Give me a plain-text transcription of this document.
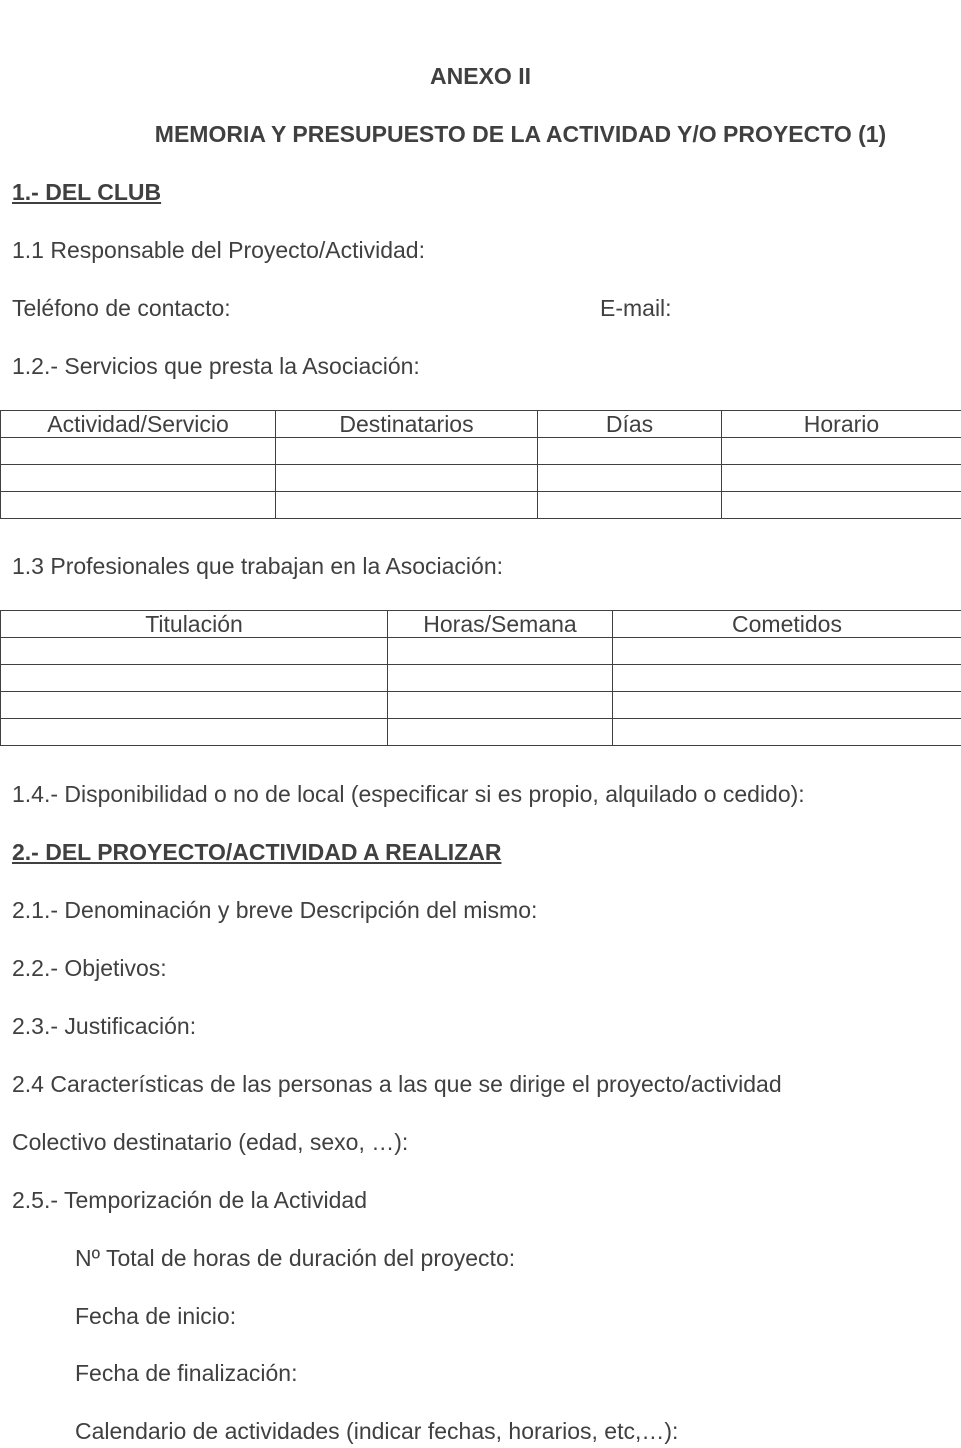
ANEXO II

MEMORIA Y PRESUPUESTO DE LA ACTIVIDAD Y/O PROYECTO (1)

1.- DEL CLUB

1.1 Responsable del Proyecto/Actividad:

Teléfono de contacto:	E-mail:

1.2.- Servicios que presta la Asociación:

Actividad/Servicio	Destinatarios	Días	Horario

1.3 Profesionales que trabajan en la Asociación:

Titulación	Horas/Semana	Cometidos

1.4.- Disponibilidad o no de local (especificar si es propio, alquilado o cedido):

2.- DEL PROYECTO/ACTIVIDAD A REALIZAR

2.1.- Denominación y breve Descripción del mismo:

2.2.- Objetivos:

2.3.- Justificación:

2.4 Características de las personas a las que se dirige el proyecto/actividad

Colectivo destinatario (edad, sexo, …):

2.5.- Temporización de la Actividad

Nº Total de horas de duración del proyecto:

Fecha de inicio:

Fecha de finalización:

Calendario de actividades (indicar fechas, horarios, etc,…):
